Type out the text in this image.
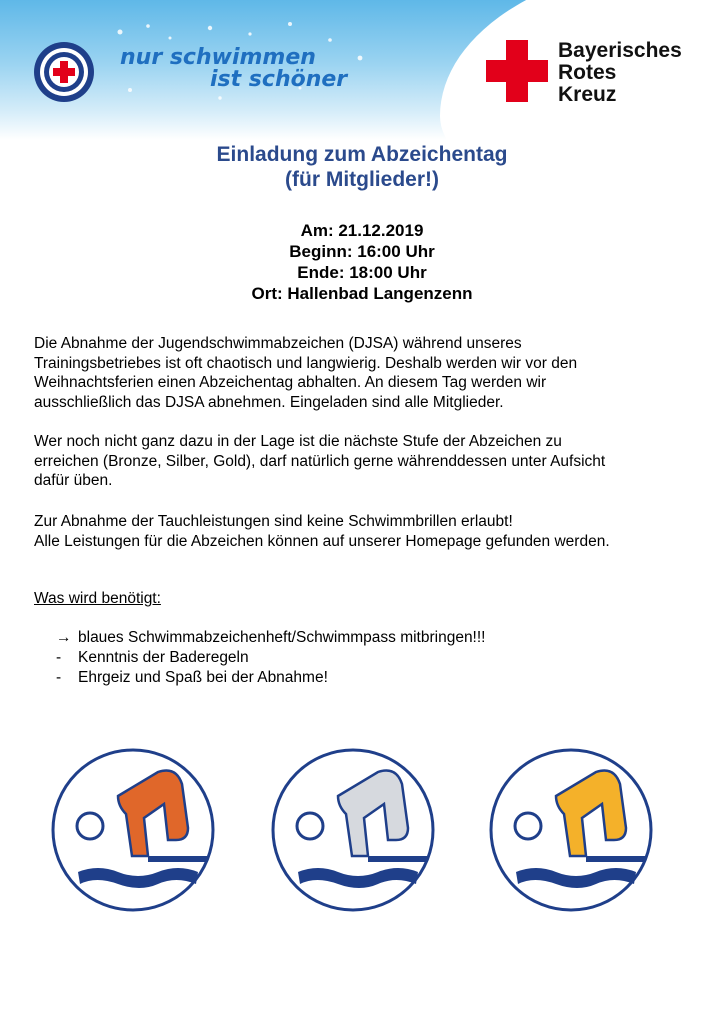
nur schwimmen
ist schöner
Bayerisches
Rotes
Kreuz
Einladung zum Abzeichentag
(für Mitglieder!)
Am: 21.12.2019
Beginn: 16:00 Uhr
Ende: 18:00 Uhr
Ort: Hallenbad Langenzenn
Die Abnahme der Jugendschwimmabzeichen (DJSA) während unseres
Trainingsbetriebes ist oft chaotisch und langwierig. Deshalb werden wir vor den
Weihnachtsferien einen Abzeichentag abhalten. An diesem Tag werden wir
ausschließlich das DJSA abnehmen. Eingeladen sind alle Mitglieder.
Wer noch nicht ganz dazu in der Lage ist die nächste Stufe der Abzeichen zu
erreichen (Bronze, Silber, Gold), darf natürlich gerne währenddessen unter Aufsicht
dafür üben.
Zur Abnahme der Tauchleistungen sind keine Schwimmbrillen erlaubt!
Alle Leistungen für die Abzeichen können auf unserer Homepage gefunden werden.
Was wird benötigt:
→ blaues Schwimmabzeichenheft/Schwimmpass mitbringen!!!
-	Kenntnis der Baderegeln
-	Ehrgeiz und Spaß bei der Abnahme!
